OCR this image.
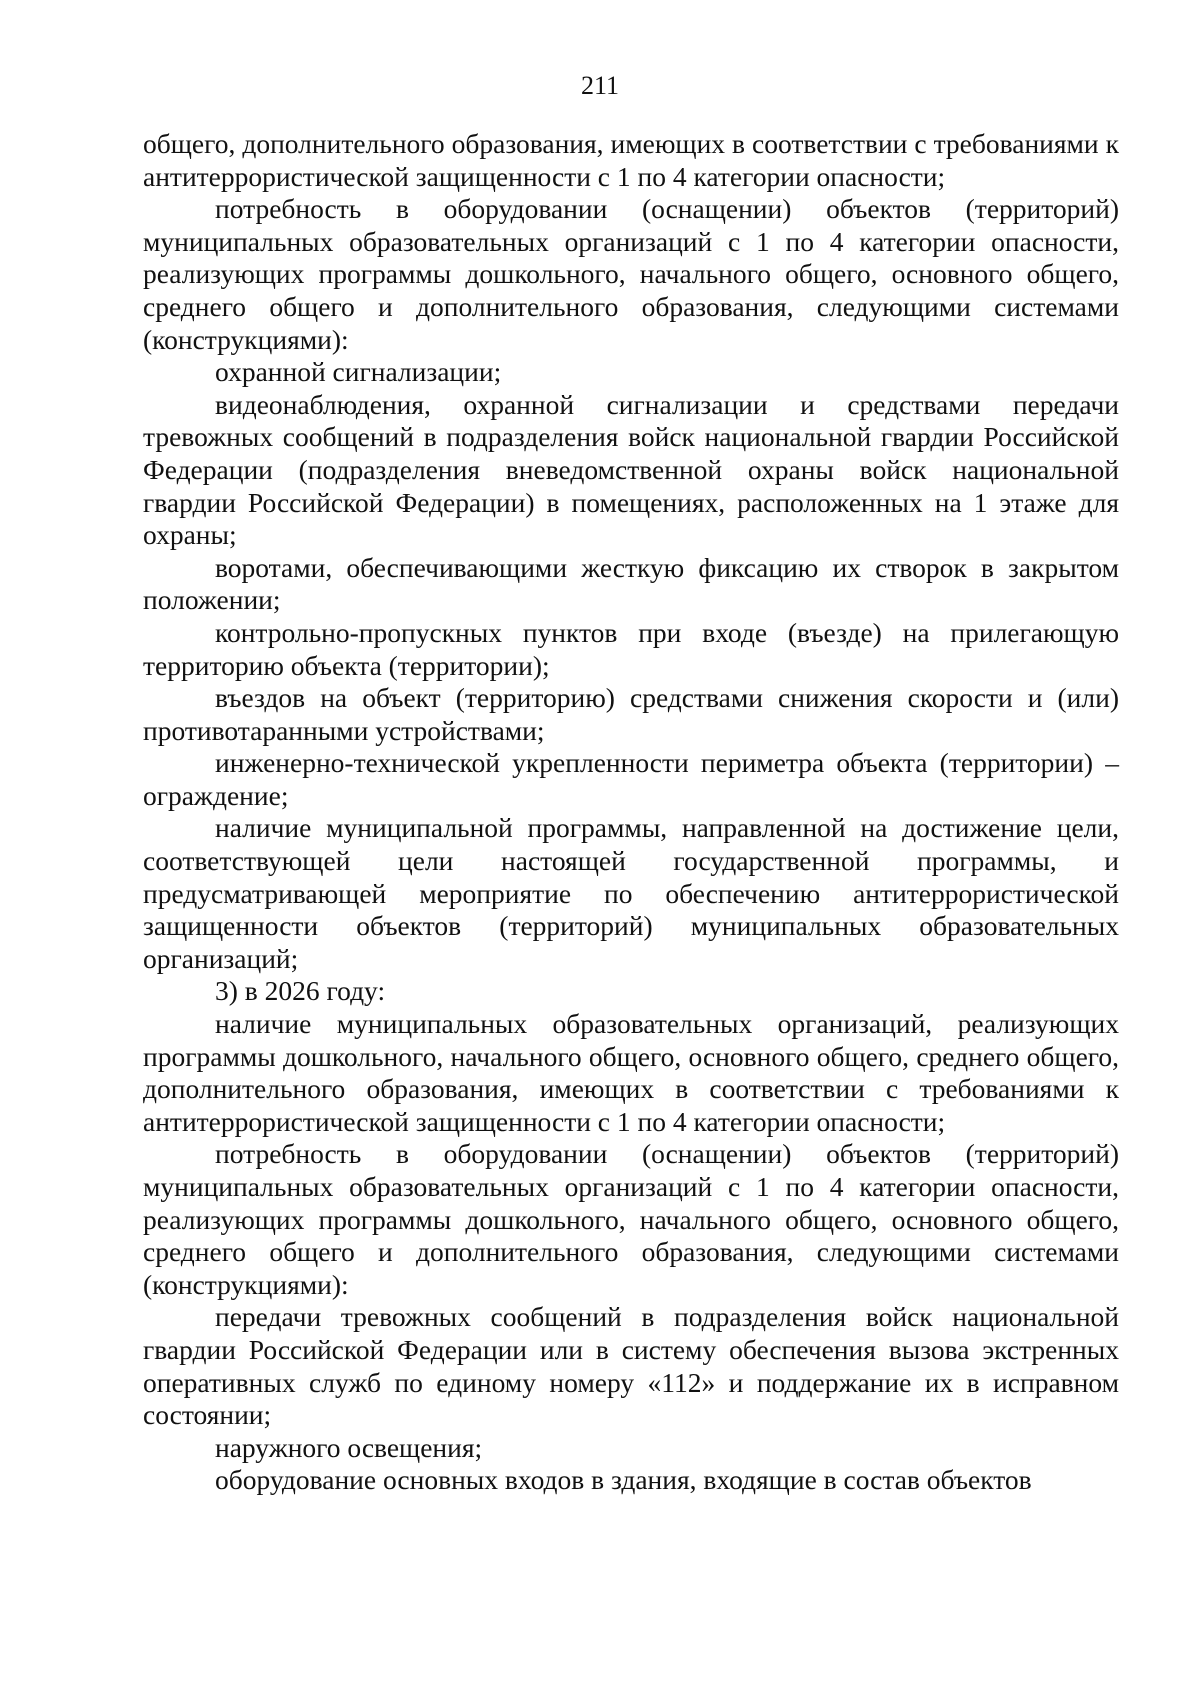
211

общего, дополнительного образования, имеющих в соответствии с требованиями к антитеррористической защищенности с 1 по 4 категории опасности;

потребность в оборудовании (оснащении) объектов (территорий) муниципальных образовательных организаций с 1 по 4 категории опасности, реализующих программы дошкольного, начального общего, основного общего, среднего общего и дополнительного образования, следующими системами (конструкциями):

охранной сигнализации;

видеонаблюдения, охранной сигнализации и средствами передачи тревожных сообщений в подразделения войск национальной гвардии Российской Федерации (подразделения вневедомственной охраны войск национальной гвардии Российской Федерации) в помещениях, расположенных на 1 этаже для охраны;

воротами, обеспечивающими жесткую фиксацию их створок в закрытом положении;

контрольно-пропускных пунктов при входе (въезде) на прилегающую территорию объекта (территории);

въездов на объект (территорию) средствами снижения скорости и (или) противотаранными устройствами;

инженерно-технической укрепленности периметра объекта (территории) – ограждение;

наличие муниципальной программы, направленной на достижение цели, соответствующей цели настоящей государственной программы, и предусматривающей мероприятие по обеспечению антитеррористической защищенности объектов (территорий) муниципальных образовательных организаций;

3) в 2026 году:

наличие муниципальных образовательных организаций, реализующих программы дошкольного, начального общего, основного общего, среднего общего, дополнительного образования, имеющих в соответствии с требованиями к антитеррористической защищенности с 1 по 4 категории опасности;

потребность в оборудовании (оснащении) объектов (территорий) муниципальных образовательных организаций с 1 по 4 категории опасности, реализующих программы дошкольного, начального общего, основного общего, среднего общего и дополнительного образования, следующими системами (конструкциями):

передачи тревожных сообщений в подразделения войск национальной гвардии Российской Федерации или в систему обеспечения вызова экстренных оперативных служб по единому номеру «112» и поддержание их в исправном состоянии;

наружного освещения;

оборудование основных входов в здания, входящие в состав объектов
